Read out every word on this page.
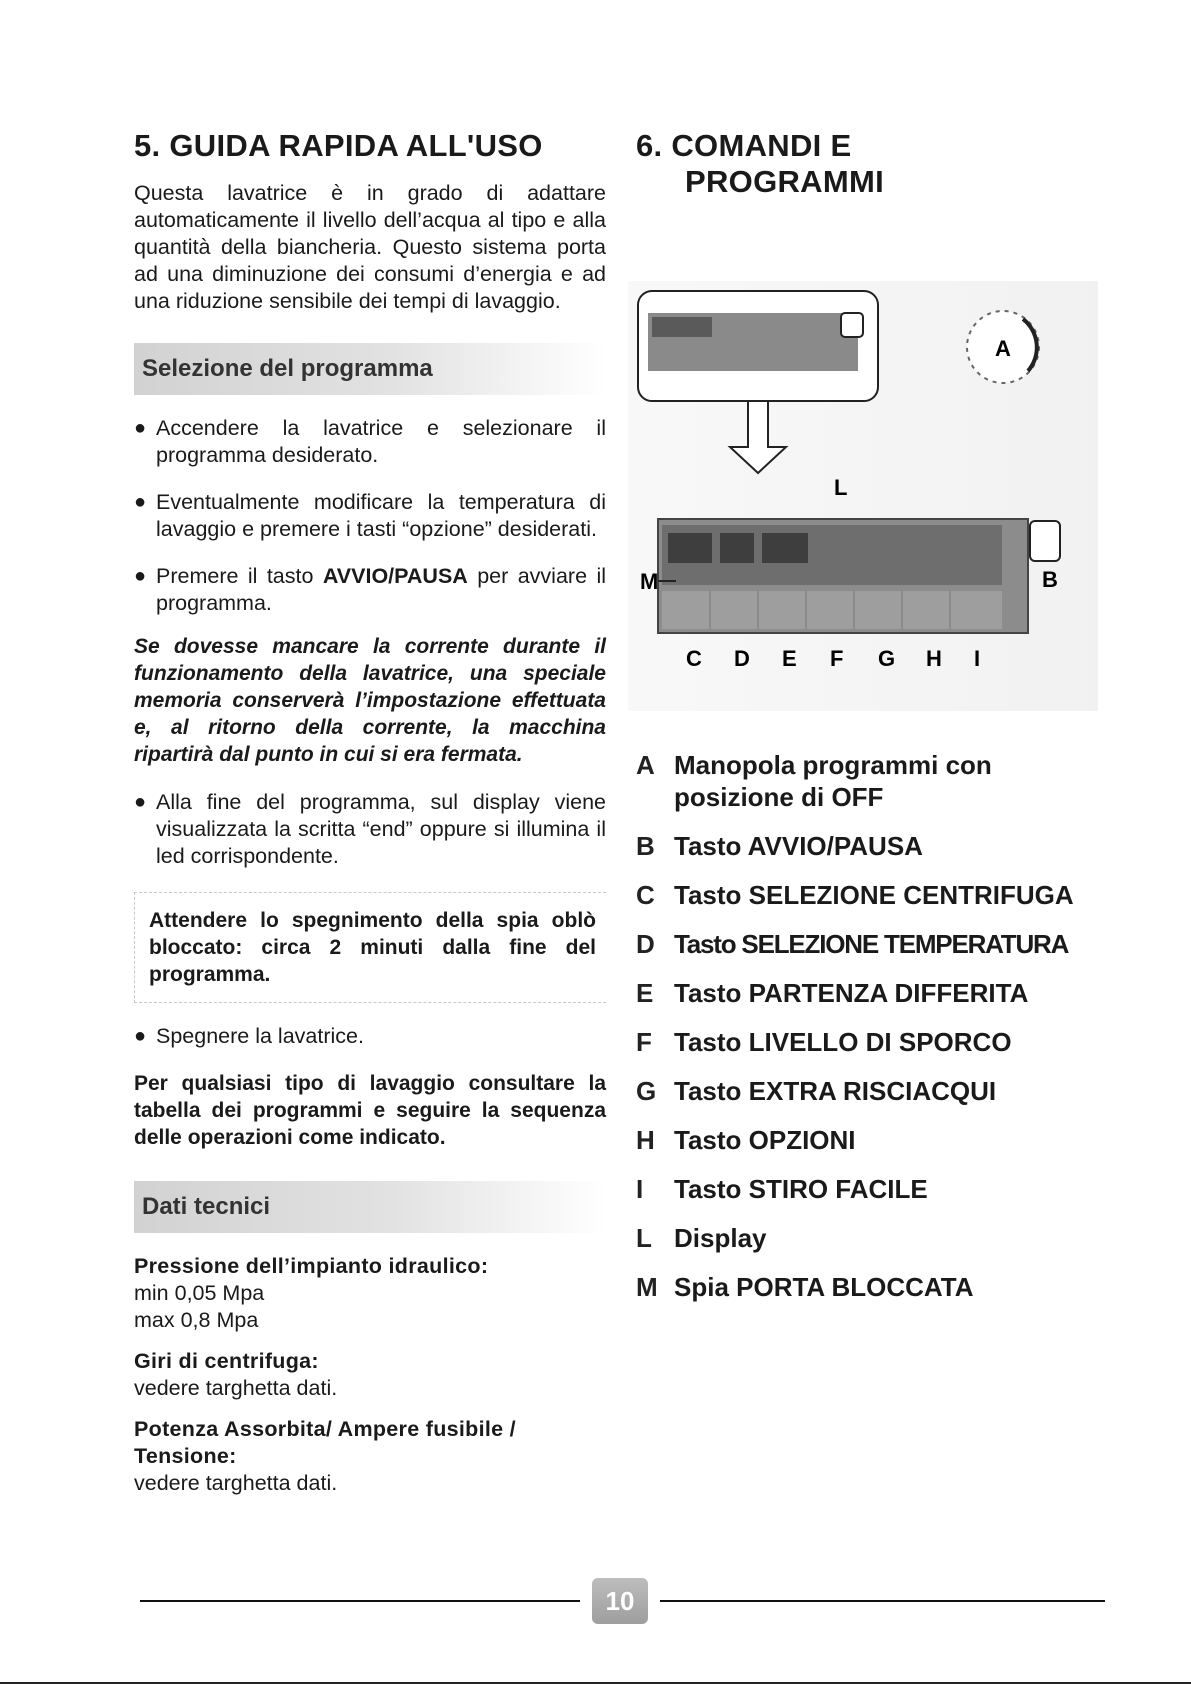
5. GUIDA RAPIDA ALL'USO

Questa lavatrice è in grado di adattare automaticamente il livello dell’acqua al tipo e alla quantità della biancheria. Questo sistema porta ad una diminuzione dei consumi d’energia e ad una riduzione sensibile dei tempi di lavaggio.

Selezione del programma
● Accendere la lavatrice e selezionare il programma desiderato.
● Eventualmente modificare la temperatura di lavaggio e premere i tasti “opzione” desiderati.
● Premere il tasto AVVIO/PAUSA per avviare il programma.

Se dovesse mancare la corrente durante il funzionamento della lavatrice, una speciale memoria conserverà l’impostazione effettuata e, al ritorno della corrente, la macchina ripartirà dal punto in cui si era fermata.

● Alla fine del programma, sul display viene visualizzata la scritta “end” oppure si illumina il led corrispondente.
Attendere lo spegnimento della spia oblò bloccato: circa 2 minuti dalla fine del programma.
● Spegnere la lavatrice.

Per qualsiasi tipo di lavaggio consultare la tabella dei programmi e seguire la sequenza delle operazioni come indicato.

Dati tecnici
Pressione dell’impianto idraulico:
min 0,05 Mpa
max 0,8 Mpa
Giri di centrifuga:
vedere targhetta dati.
Potenza Assorbita/ Ampere fusibile / Tensione:
vedere targhetta dati.
6. COMANDI E
PROGRAMMI
A
L
B
M
C D E F G H I
A Manopola programmi con posizione di OFF
B Tasto AVVIO/PAUSA
C Tasto SELEZIONE CENTRIFUGA
D Tasto SELEZIONE TEMPERATURA
E Tasto PARTENZA DIFFERITA
F Tasto LIVELLO DI SPORCO
G Tasto EXTRA RISCIACQUI
H Tasto OPZIONI
I	Tasto STIRO FACILE
L Display
M Spia PORTA BLOCCATA
10
